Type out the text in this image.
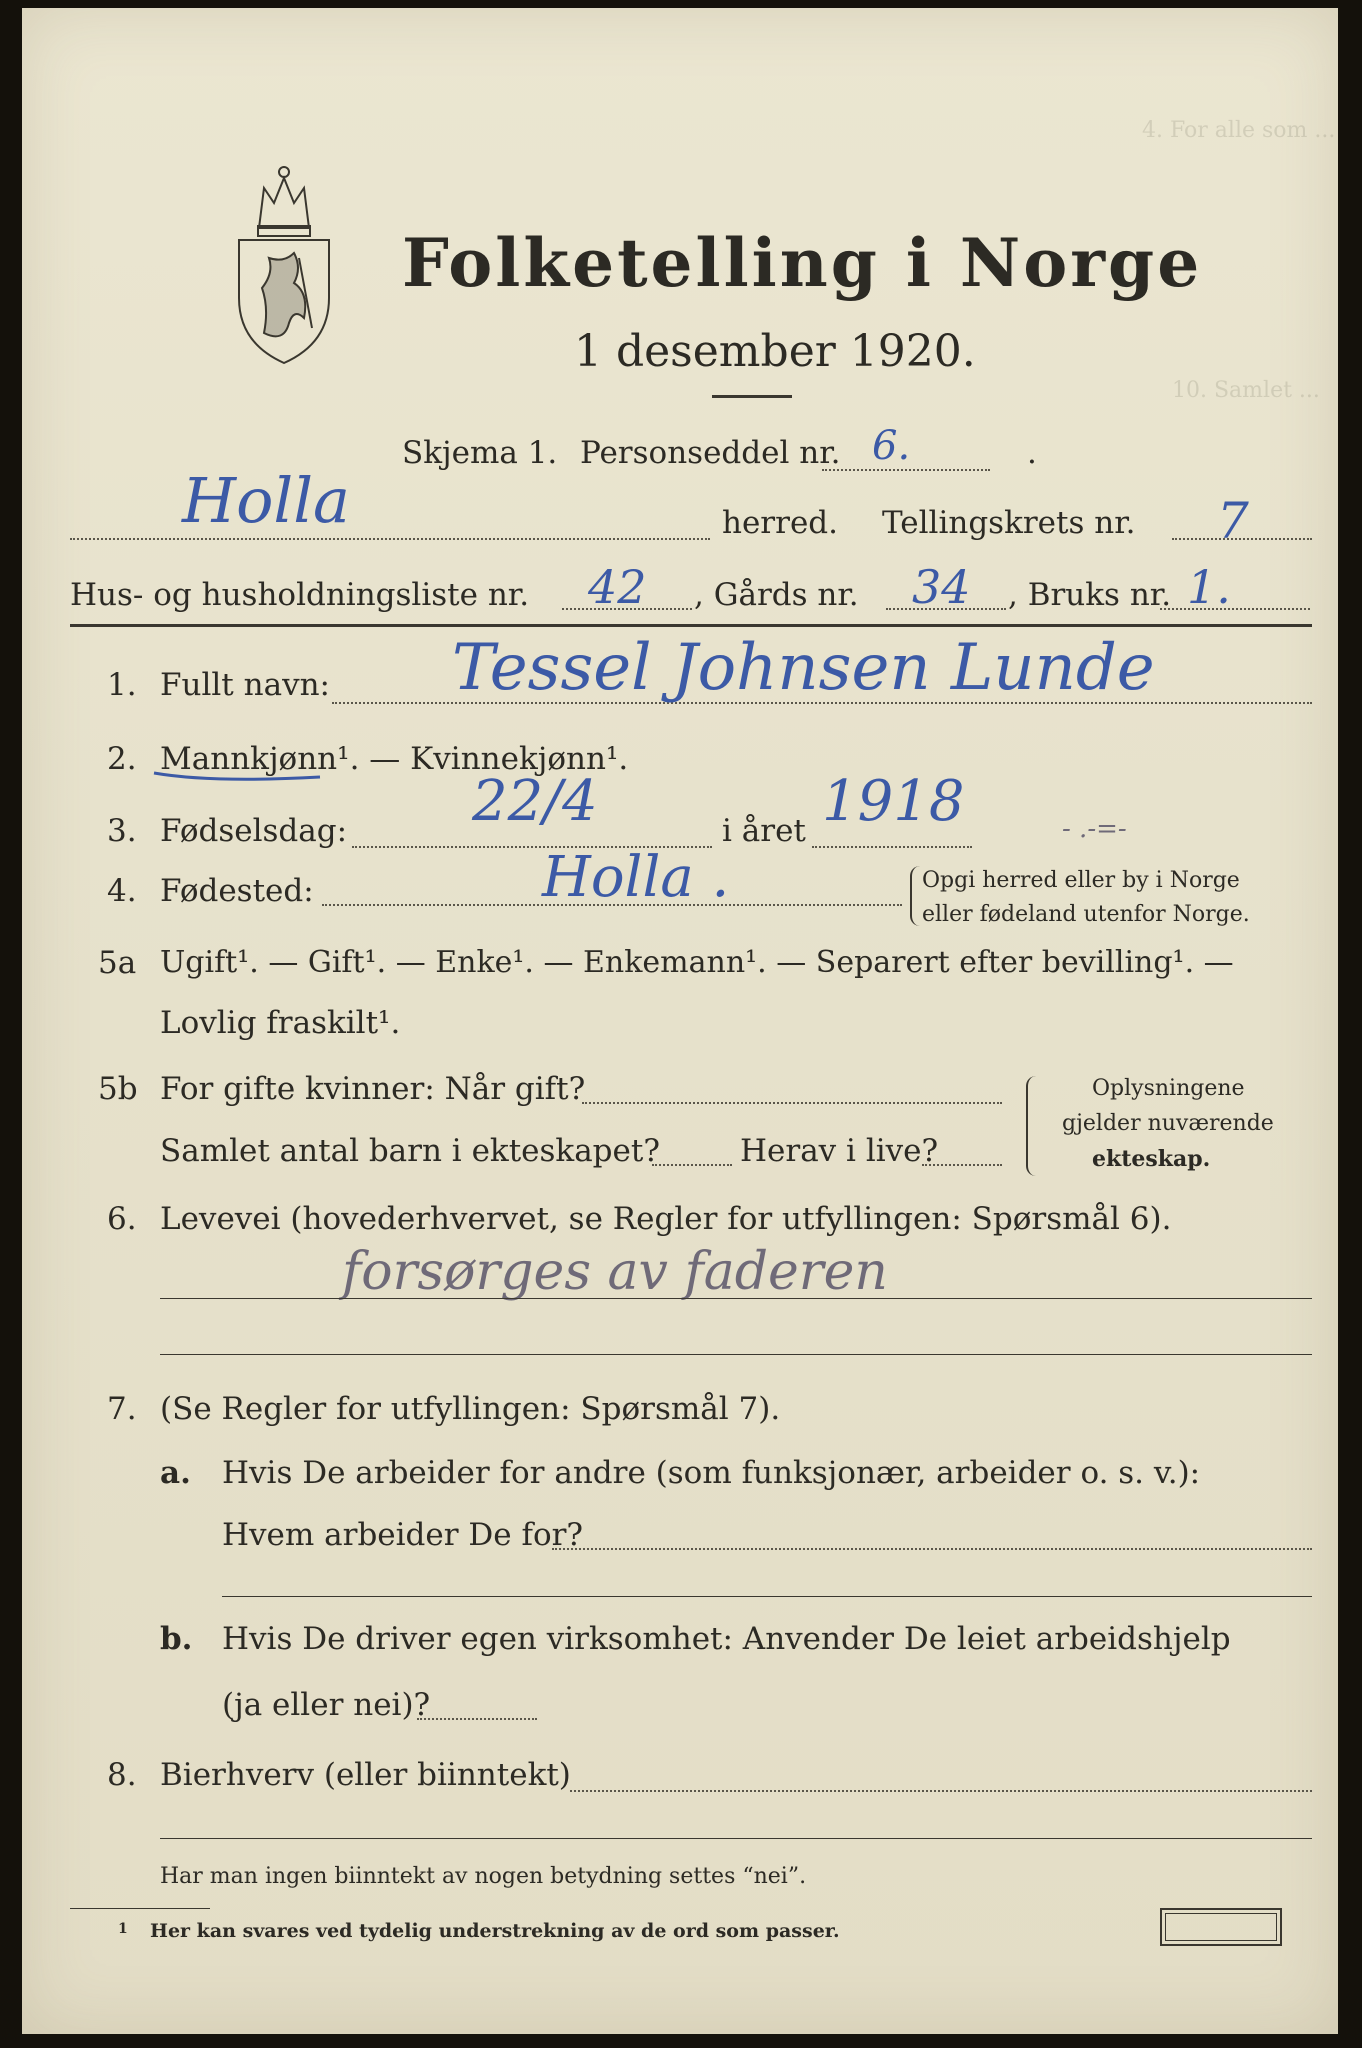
4. For alle som ...
10. Samlet ...
Folketelling i Norge
1 desember 1920.
Skjema 1. Personseddel nr. 6.	.
Holla	herred. Tellingskrets nr. 7
Hus- og husholdningsliste nr. 42 , Gårds nr. 34 , Bruks nr. 1.
1. Fullt navn: Tessel Johnsen Lunde
2. Mannkjønn¹. — Kvinnekjønn¹.
3. Fødselsdag: 22/4	i året 1918	- .-=-
4. Fødested:	Holla .	Opgi herred eller by i Norge
eller fødeland utenfor Norge.
5a Ugift¹. — Gift¹. — Enke¹. — Enkemann¹. — Separert efter bevilling¹. —
Lovlig fraskilt¹.
5b For gifte kvinner: Når gift?
Samlet antal barn i ekteskapet?	Herav i live?
Oplysningene
gjelder nuværende
ekteskap.
6. Levevei (hovederhvervet, se Regler for utfyllingen: Spørsmål 6).
forsørges av faderen
7. (Se Regler for utfyllingen: Spørsmål 7).
a. Hvis De arbeider for andre (som funksjonær, arbeider o. s. v.):
Hvem arbeider De for?
b. Hvis De driver egen virksomhet: Anvender De leiet arbeidshjelp
(ja eller nei)?
8. Bierhverv (eller biinntekt)
Har man ingen biinntekt av nogen betydning settes “nei”.
1 Her kan svares ved tydelig understrekning av de ord som passer.
